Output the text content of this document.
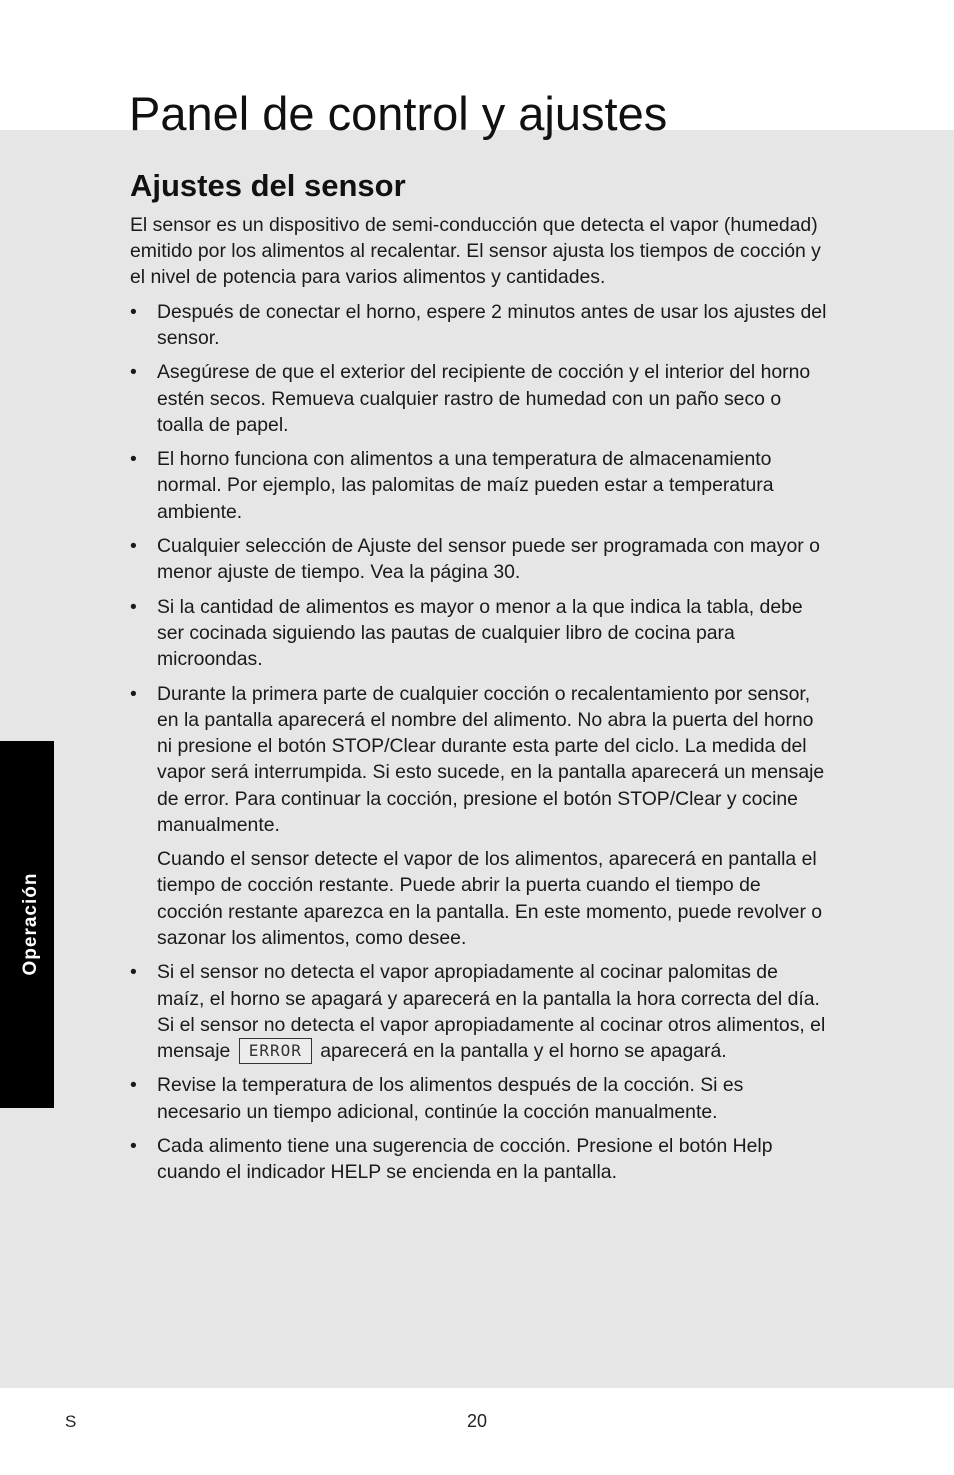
Operación
Panel de control y ajustes
Ajustes del sensor

El sensor es un dispositivo de semi-conducción que detecta el vapor (humedad) emitido por los alimentos al recalentar. El sensor ajusta los tiempos de cocción y el nivel de potencia para varios alimentos y cantidades.

• Después de conectar el horno, espere 2 minutos antes de usar los ajustes del sensor.
• Asegúrese de que el exterior del recipiente de cocción y el interior del horno estén secos. Remueva cualquier rastro de humedad con un paño seco o toalla de papel.
• El horno funciona con alimentos a una temperatura de almacenamiento normal. Por ejemplo, las palomitas de maíz pueden estar a temperatura ambiente.
• Cualquier selección de Ajuste del sensor puede ser programada con mayor o menor ajuste de tiempo. Vea la página 30.
• Si la cantidad de alimentos es mayor o menor a la que indica la tabla, debe ser cocinada siguiendo las pautas de cualquier libro de cocina para microondas.
• Durante la primera parte de cualquier cocción o recalentamiento por sensor, en la pantalla aparecerá el nombre del alimento. No abra la puerta del horno ni presione el botón STOP/Clear durante esta parte del ciclo. La medida del vapor será interrumpida. Si esto sucede, en la pantalla aparecerá un mensaje de error. Para continuar la cocción, presione el botón STOP/Clear y cocine manualmente.

Cuando el sensor detecte el vapor de los alimentos, aparecerá en pantalla el tiempo de cocción restante. Puede abrir la puerta cuando el tiempo de cocción restante aparezca en la pantalla. En este momento, puede revolver o sazonar los alimentos, como desee.

• Si el sensor no detecta el vapor apropiadamente al cocinar palomitas de maíz, el horno se apagará y aparecerá en la pantalla la hora correcta del día. Si el sensor no detecta el vapor apropiadamente al cocinar otros alimentos, el mensaje ERROR aparecerá en la pantalla y el horno se apagará.
• Revise la temperatura de los alimentos después de la cocción. Si es necesario un tiempo adicional, continúe la cocción manualmente.
• Cada alimento tiene una sugerencia de cocción. Presione el botón Help cuando el indicador HELP se encienda en la pantalla.
S	20
